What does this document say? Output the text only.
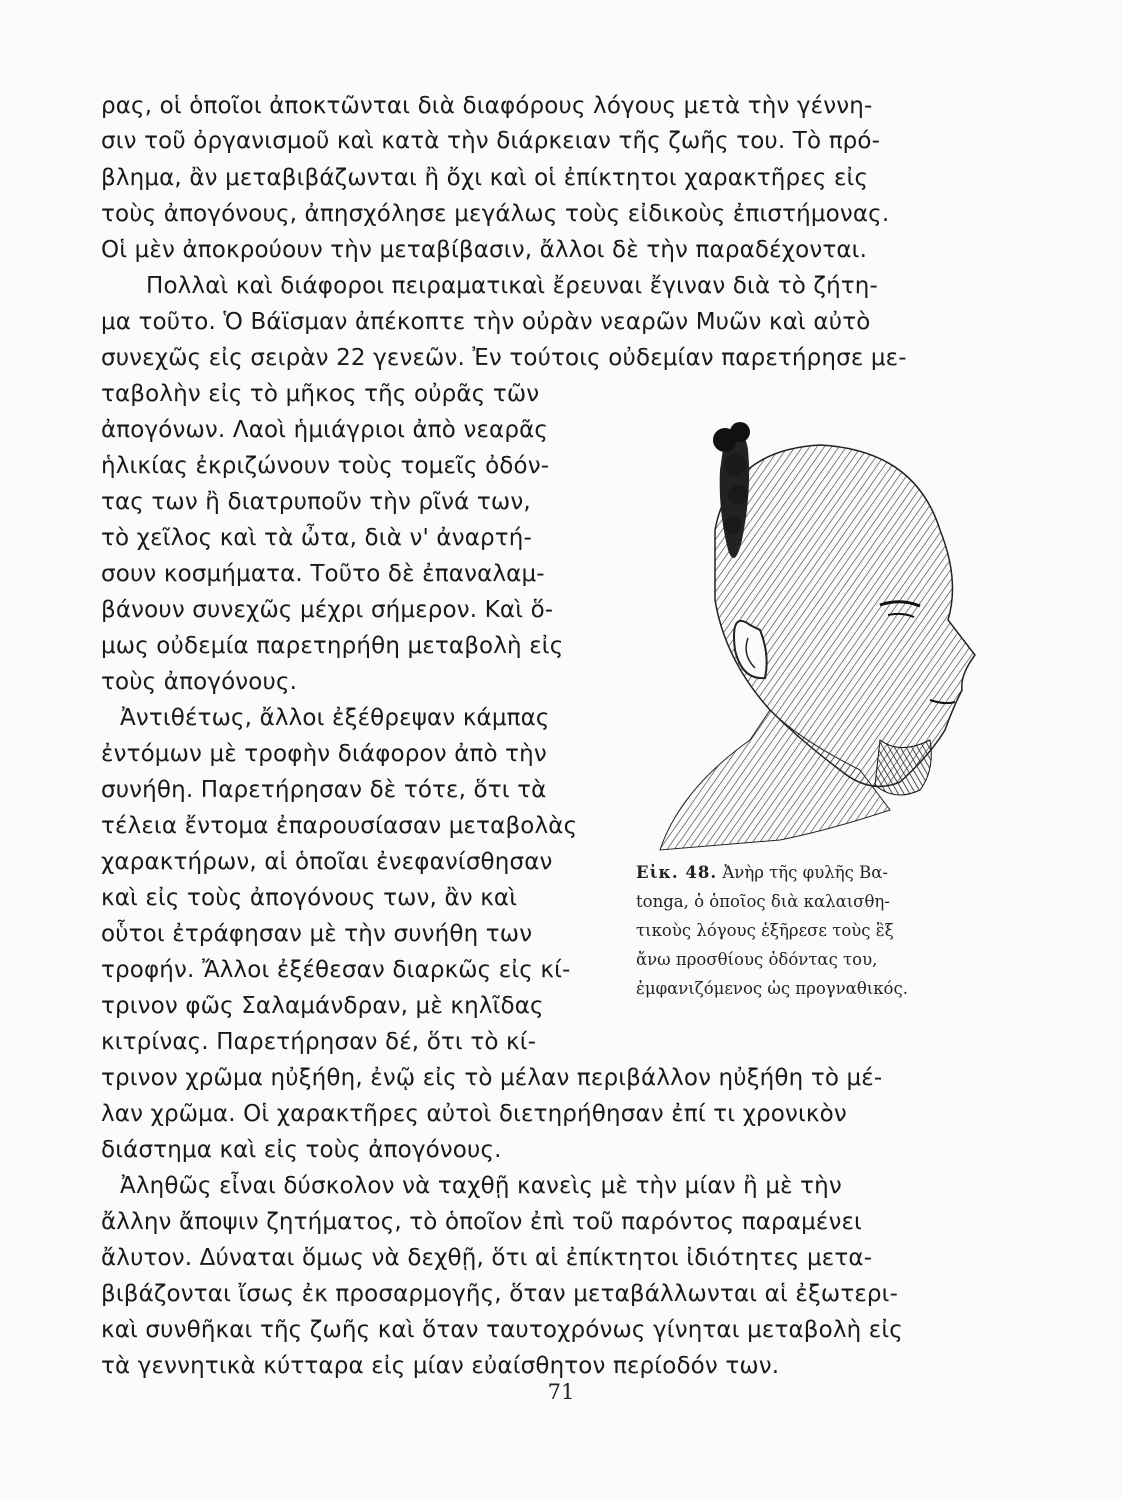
ρας, οἱ ὁποῖοι ἀποκτῶνται διὰ διαφόρους λόγους μετὰ τὴν γέννη-

σιν τοῦ ὀργανισμοῦ καὶ κατὰ τὴν διάρκειαν τῆς ζωῆς του. Τὸ πρό-

βλημα, ἂν μεταβιβάζωνται ἢ ὄχι καὶ οἱ ἐπίκτητοι χαρακτῆρες εἰς

τοὺς ἀπογόνους, ἀπησχόλησε μεγάλως τοὺς εἰδικοὺς ἐπιστήμονας.

Οἱ μὲν ἀποκρούουν τὴν μεταβίβασιν, ἄλλοι δὲ τὴν παραδέχονται.

Πολλαὶ καὶ διάφοροι πειραματικαὶ ἔρευναι ἔγιναν διὰ τὸ ζήτη-

μα τοῦτο. Ὁ Βάϊσμαν ἀπέκοπτε τὴν οὐρὰν νεαρῶν Μυῶν καὶ αὐτὸ

συνεχῶς εἰς σειρὰν 22 γενεῶν. Ἐν τούτοις οὐδεμίαν παρετήρησε με-

ταβολὴν εἰς τὸ μῆκος τῆς οὐρᾶς τῶν

ἀπογόνων. Λαοὶ ἡμιάγριοι ἀπὸ νεαρᾶς

ἡλικίας ἐκριζώνουν τοὺς τομεῖς ὀδόν-

τας των ἢ διατρυποῦν τὴν ρῖνά των,

τὸ χεῖλος καὶ τὰ ὦτα, διὰ ν' ἀναρτή-

σουν κοσμήματα. Τοῦτο δὲ ἐπαναλαμ-

βάνουν συνεχῶς μέχρι σήμερον. Καὶ ὅ-

μως οὐδεμία παρετηρήθη μεταβολὴ εἰς

τοὺς ἀπογόνους.

Ἀντιθέτως, ἄλλοι ἐξέθρεψαν κάμπας

ἐντόμων μὲ τροφὴν διάφορον ἀπὸ τὴν

συνήθη. Παρετήρησαν δὲ τότε, ὅτι τὰ

τέλεια ἔντομα ἐπαρουσίασαν μεταβολὰς

χαρακτήρων, αἱ ὁποῖαι ἐνεφανίσθησαν

καὶ εἰς τοὺς ἀπογόνους των, ἂν καὶ

οὗτοι ἐτράφησαν μὲ τὴν συνήθη των

τροφήν. Ἄλλοι ἐξέθεσαν διαρκῶς εἰς κί-

τρινον φῶς Σαλαμάνδραν, μὲ κηλῖδας

κιτρίνας. Παρετήρησαν δέ, ὅτι τὸ κί-

τρινον χρῶμα ηὐξήθη, ἐνῷ εἰς τὸ μέλαν περιβάλλον ηὐξήθη τὸ μέ-

λαν χρῶμα. Οἱ χαρακτῆρες αὐτοὶ διετηρήθησαν ἐπί τι χρονικὸν

διάστημα καὶ εἰς τοὺς ἀπογόνους.

Ἀληθῶς εἶναι δύσκολον νὰ ταχθῇ κανεὶς μὲ τὴν μίαν ἢ μὲ τὴν

ἄλλην ἄποψιν ζητήματος, τὸ ὁποῖον ἐπὶ τοῦ παρόντος παραμένει

ἄλυτον. Δύναται ὅμως νὰ δεχθῇ, ὅτι αἱ ἐπίκτητοι ἰδιότητες μετα-

βιβάζονται ἴσως ἐκ προσαρμογῆς, ὅταν μεταβάλλωνται αἱ ἐξωτερι-

καὶ συνθῆκαι τῆς ζωῆς καὶ ὅταν ταυτοχρόνως γίνηται μεταβολὴ εἰς

τὰ γεννητικὰ κύτταρα εἰς μίαν εὐαίσθητον περίοδόν των.

Εἰκ. 48. Ἀνὴρ τῆς φυλῆς Βα-
tonga, ὁ ὁποῖος διὰ καλαισθη-
τικοὺς λόγους ἐξῆρεσε τοὺς ἓξ
ἄνω προσθίους ὀδόντας του,
ἐμφανιζόμενος ὡς προγναθικός.
71
